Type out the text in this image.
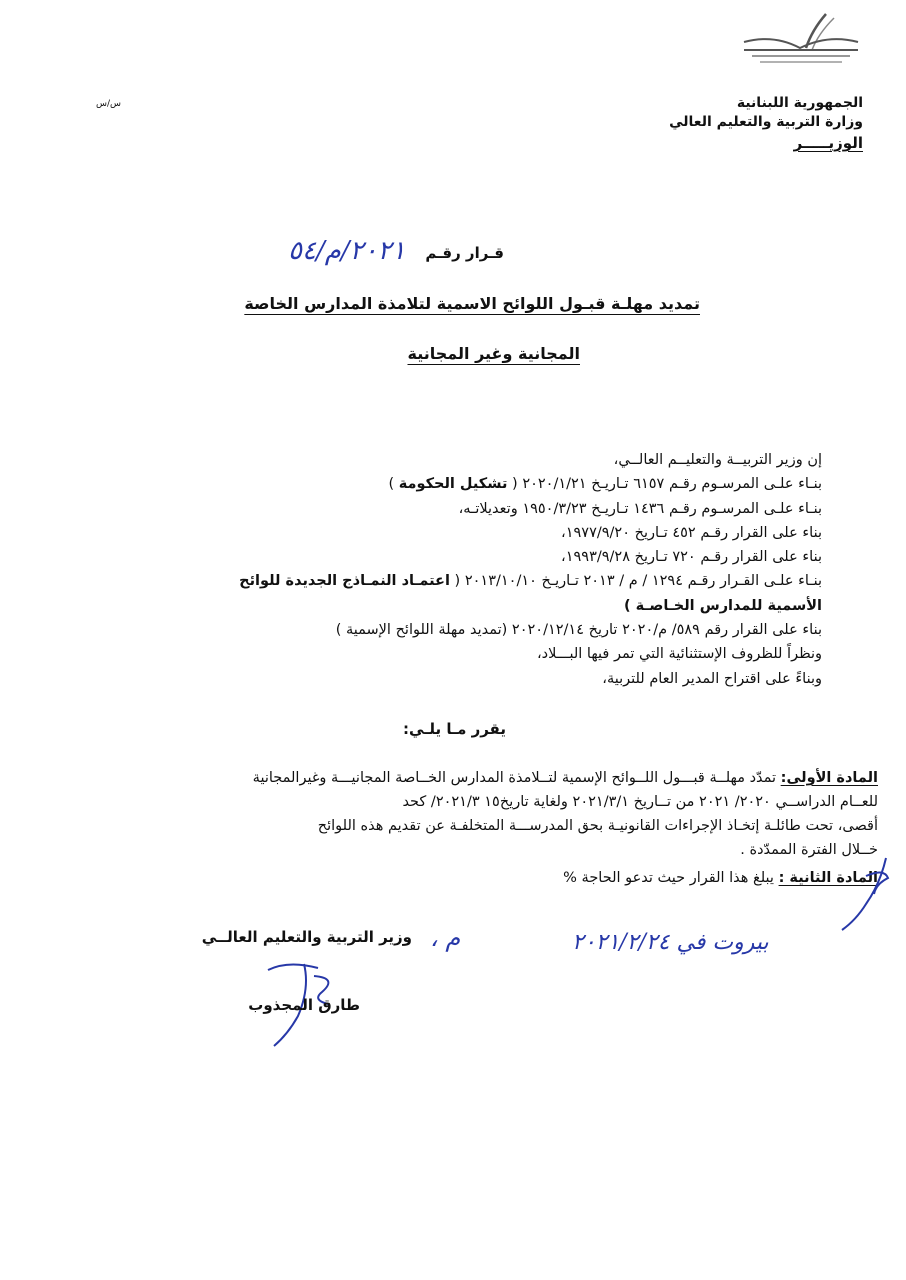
الجمهورية اللبنانية
وزارة التربية والتعليم العالي
الوزيـــــر
س/س
قـرار رقـم
٢٠٢١/م/٥٤
تمديد مهلـة قبـول اللوائح الاسمية لتلامذة المدارس الخاصة
المجانية وغير المجانية
إن وزير التربيــة والتعليــم العالــي،
بنـاء علـى المرسـوم رقـم ٦١٥٧ تـاريـخ ٢٠٢٠/١/٢١ ( تشكيل الحكومة )
بنـاء علـى المرسـوم رقـم ١٤٣٦ تـاريـخ ١٩٥٠/٣/٢٣ وتعديلاتـه،
بناء على القرار رقـم ٤٥٢ تـاريخ ١٩٧٧/٩/٢٠،
بناء على القرار رقـم ٧٢٠ تـاريخ ١٩٩٣/٩/٢٨،
بنـاء علـى القـرار رقـم ١٢٩٤ / م / ٢٠١٣ تـاريـخ ٢٠١٣/١٠/١٠ ( اعتمـاد النمـاذج الجديدة للوائح
الأسمية للمدارس الخـاصـة )
بناء على القرار رقم ٥٨٩/ م/٢٠٢٠ تاريخ ٢٠٢٠/١٢/١٤ (تمديد مهلة اللوائح الإسمية )
ونظراً للظروف الإستثنائية التي تمر فيها البـــلاد،
وبناءً على اقتراح المدير العام للتربية،
يقرر مـا يلـي:
المادة الأولى: تمدّد مهلــة قبـــول اللــوائح الإسمية لتــلامذة المدارس الخــاصة المجانيـــة وغيرالمجانية
للعــام الدراســي ٢٠٢٠/ ٢٠٢١ من تــاريخ ٢٠٢١/٣/١ ولغاية تاريخ١٥ ٢٠٢١/٣/ كحد
أقصى، تحت طائلـة إتخـاذ الإجراءات القانونيـة بحق المدرســـة المتخلفـة عن تقديم هذه اللوائح
خــلال الفترة الممدّدة .
المادة الثانية : يبلغ هذا القرار حيث تدعو الحاجة %
بيروت في ٢٠٢١/٢/٢٤
م ،
وزير التربية والتعليم العالــي
طارق المجذوب
